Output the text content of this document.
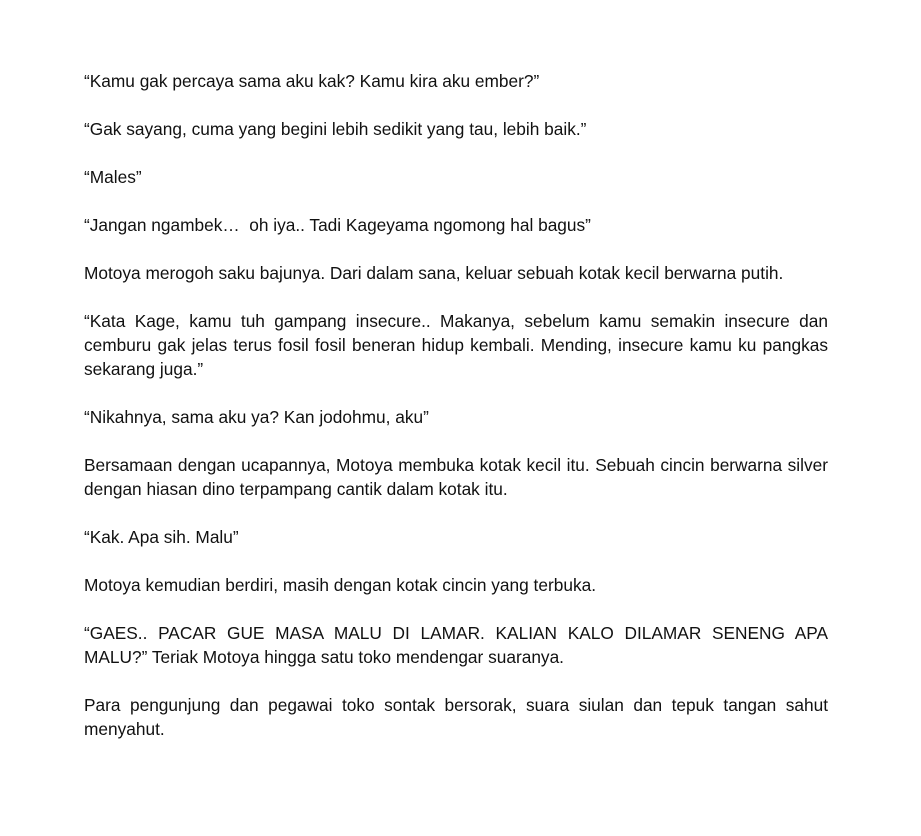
“Kamu gak percaya sama aku kak? Kamu kira aku ember?”

“Gak sayang, cuma yang begini lebih sedikit yang tau, lebih baik.”

“Males”

“Jangan ngambek…  oh iya.. Tadi Kageyama ngomong hal bagus”

Motoya merogoh saku bajunya. Dari dalam sana, keluar sebuah kotak kecil berwarna putih.

“Kata Kage, kamu tuh gampang insecure.. Makanya, sebelum kamu semakin insecure dan cemburu gak jelas terus fosil fosil beneran hidup kembali. Mending, insecure kamu ku pangkas sekarang juga.”

“Nikahnya, sama aku ya? Kan jodohmu, aku”

Bersamaan dengan ucapannya, Motoya membuka kotak kecil itu. Sebuah cincin berwarna silver dengan hiasan dino terpampang cantik dalam kotak itu.

“Kak. Apa sih. Malu”

Motoya kemudian berdiri, masih dengan kotak cincin yang terbuka.

“GAES.. PACAR GUE MASA MALU DI LAMAR. KALIAN KALO DILAMAR SENENG APA MALU?” Teriak Motoya hingga satu toko mendengar suaranya.

Para pengunjung dan pegawai toko sontak bersorak, suara siulan dan tepuk tangan sahut menyahut.
